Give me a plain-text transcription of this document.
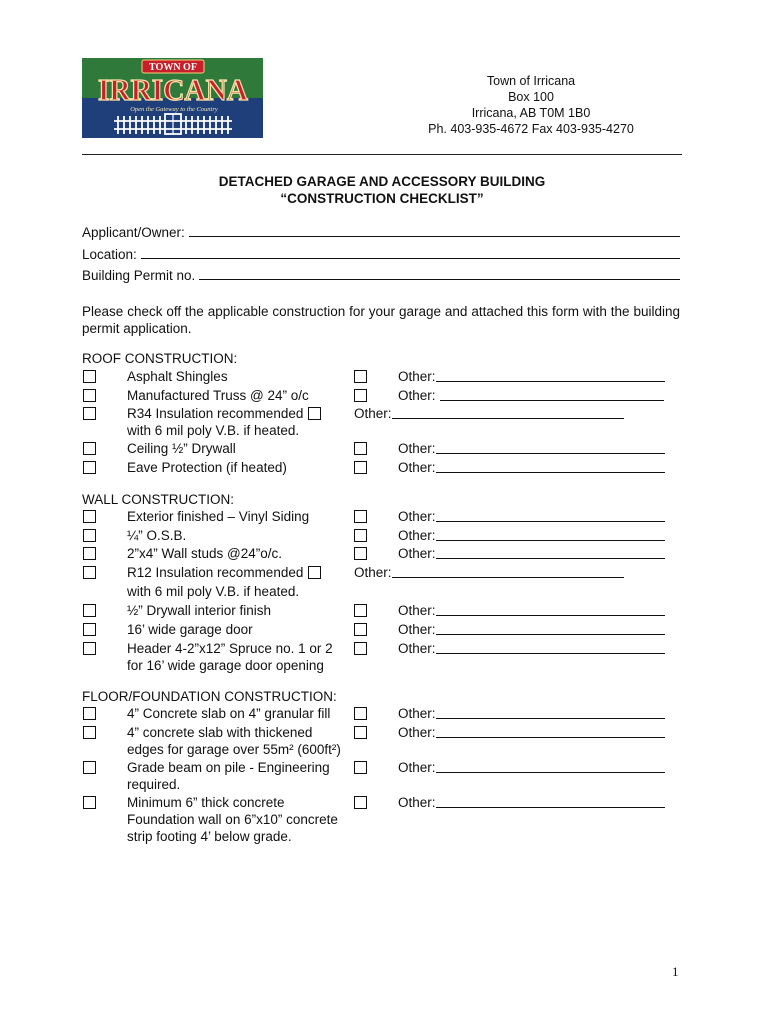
TOWN OF
IRRICANA
Open the Gateway to the Country
Town of Irricana
Box 100
Irricana, AB T0M 1B0
Ph. 403-935-4672 Fax 403-935-4270
DETACHED GARAGE AND ACCESSORY BUILDING
“CONSTRUCTION CHECKLIST”
Applicant/Owner:
Location:
Building Permit no.
Please check off the applicable construction for your garage and attached this form with the building permit application.
ROOF CONSTRUCTION:
Asphalt Shingles
Manufactured Truss @ 24” o/c
R34 Insulation recommended
with 6 mil poly V.B. if heated.
Ceiling ½” Drywall
Eave Protection (if heated)
Other:
Other:
Other:
Other:
Other:
WALL CONSTRUCTION:
Exterior finished – Vinyl Siding
¼” O.S.B.
2”x4” Wall studs @24”o/c.
R12 Insulation recommended
with 6 mil poly V.B. if heated.
½” Drywall interior finish
16’ wide garage door
Header 4-2”x12” Spruce no. 1 or 2
for 16’ wide garage door opening
Other:
Other:
Other:
Other:
Other:
Other:
Other:
FLOOR/FOUNDATION CONSTRUCTION:
4” Concrete slab on 4” granular fill
4” concrete slab with thickened
edges for garage over 55m² (600ft²)
Grade beam on pile - Engineering
required.
Minimum 6” thick concrete
Foundation wall on 6”x10” concrete
strip footing 4’ below grade.
Other:
Other:
Other:
Other:
1
